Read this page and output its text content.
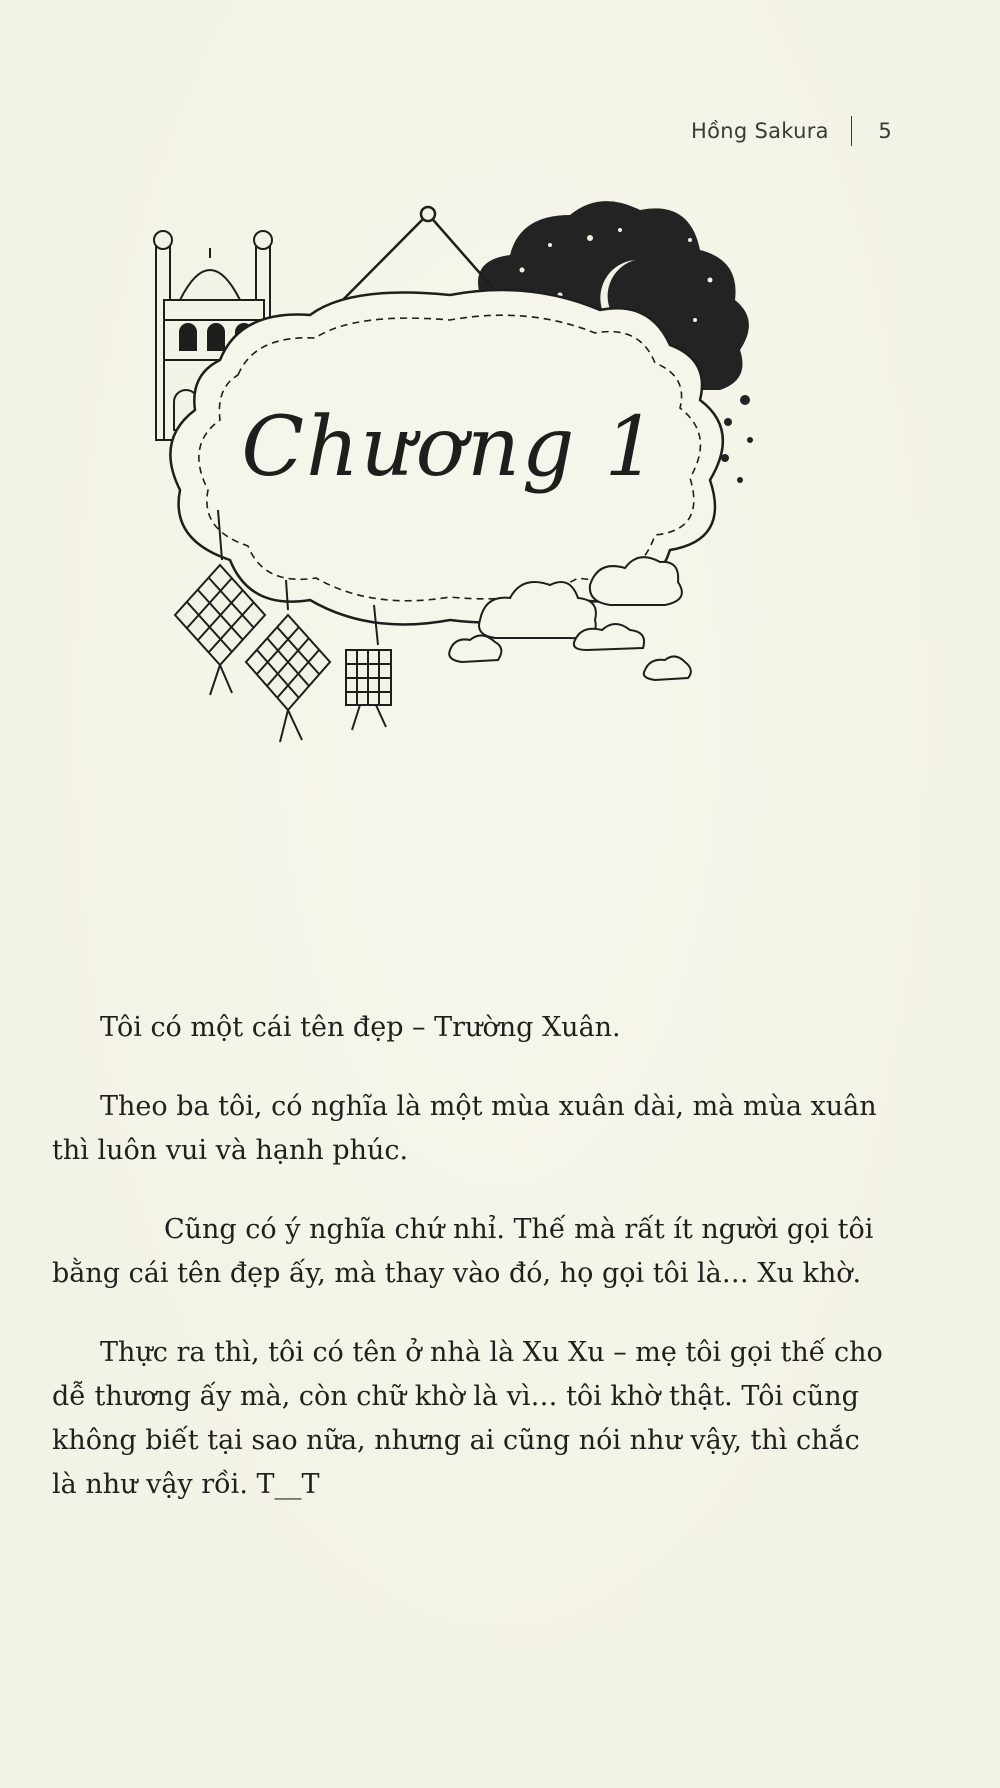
Hồng Sakura 5
Chương 1

Tôi có một cái tên đẹp – Trường Xuân.

Theo ba tôi, có nghĩa là một mùa xuân dài, mà mùa xuân thì luôn vui và hạnh phúc.

Cũng có ý nghĩa chứ nhỉ. Thế mà rất ít người gọi tôi bằng cái tên đẹp ấy, mà thay vào đó, họ gọi tôi là… Xu khờ.

Thực ra thì, tôi có tên ở nhà là Xu Xu – mẹ tôi gọi thế cho dễ thương ấy mà, còn chữ khờ là vì… tôi khờ thật. Tôi cũng không biết tại sao nữa, nhưng ai cũng nói như vậy, thì chắc là như vậy rồi. T__T
